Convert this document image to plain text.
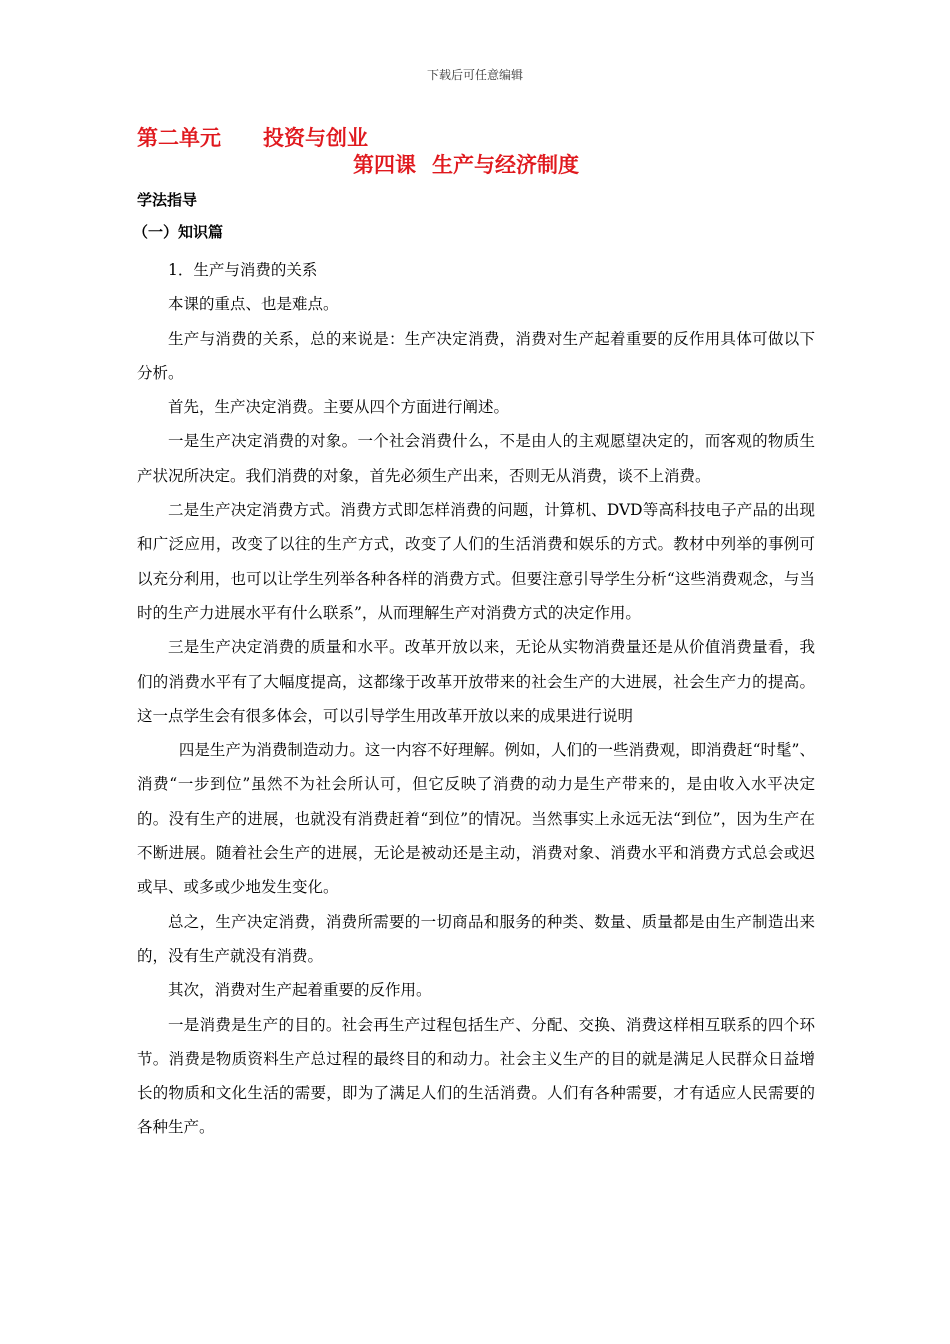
下载后可任意编辑
第二单元 投资与创业
第四课 生产与经济制度
学法指导
（一）知识篇

1．生产与消费的关系

本课的重点、也是难点。

生产与消费的关系，总的来说是：生产决定消费，消费对生产起着重要的反作用具体可做以下分析。

首先，生产决定消费。主要从四个方面进行阐述。

一是生产决定消费的对象。一个社会消费什么，不是由人的主观愿望决定的，而客观的物质生产状况所决定。我们消费的对象，首先必须生产出来，否则无从消费，谈不上消费。

二是生产决定消费方式。消费方式即怎样消费的问题，计算机、DVD等高科技电子产品的出现和广泛应用，改变了以往的生产方式，改变了人们的生活消费和娱乐的方式。教材中列举的事例可以充分利用，也可以让学生列举各种各样的消费方式。但要注意引导学生分析“这些消费观念，与当时的生产力进展水平有什么联系”，从而理解生产对消费方式的决定作用。

三是生产决定消费的质量和水平。改革开放以来，无论从实物消费量还是从价值消费量看，我们的消费水平有了大幅度提高，这都缘于改革开放带来的社会生产的大进展，社会生产力的提高。这一点学生会有很多体会，可以引导学生用改革开放以来的成果进行说明

四是生产为消费制造动力。这一内容不好理解。例如，人们的一些消费观，即消费赶“时髦”、消费“一步到位”虽然不为社会所认可，但它反映了消费的动力是生产带来的，是由收入水平决定的。没有生产的进展，也就没有消费赶着“到位”的情况。当然事实上永远无法“到位”，因为生产在不断进展。随着社会生产的进展，无论是被动还是主动，消费对象、消费水平和消费方式总会或迟或早、或多或少地发生变化。

总之，生产决定消费，消费所需要的一切商品和服务的种类、数量、质量都是由生产制造出来的，没有生产就没有消费。

其次，消费对生产起着重要的反作用。

一是消费是生产的目的。社会再生产过程包括生产、分配、交换、消费这样相互联系的四个环节。消费是物质资料生产总过程的最终目的和动力。社会主义生产的目的就是满足人民群众日益增长的物质和文化生活的需要，即为了满足人们的生活消费。人们有各种需要，才有适应人民需要的各种生产。
